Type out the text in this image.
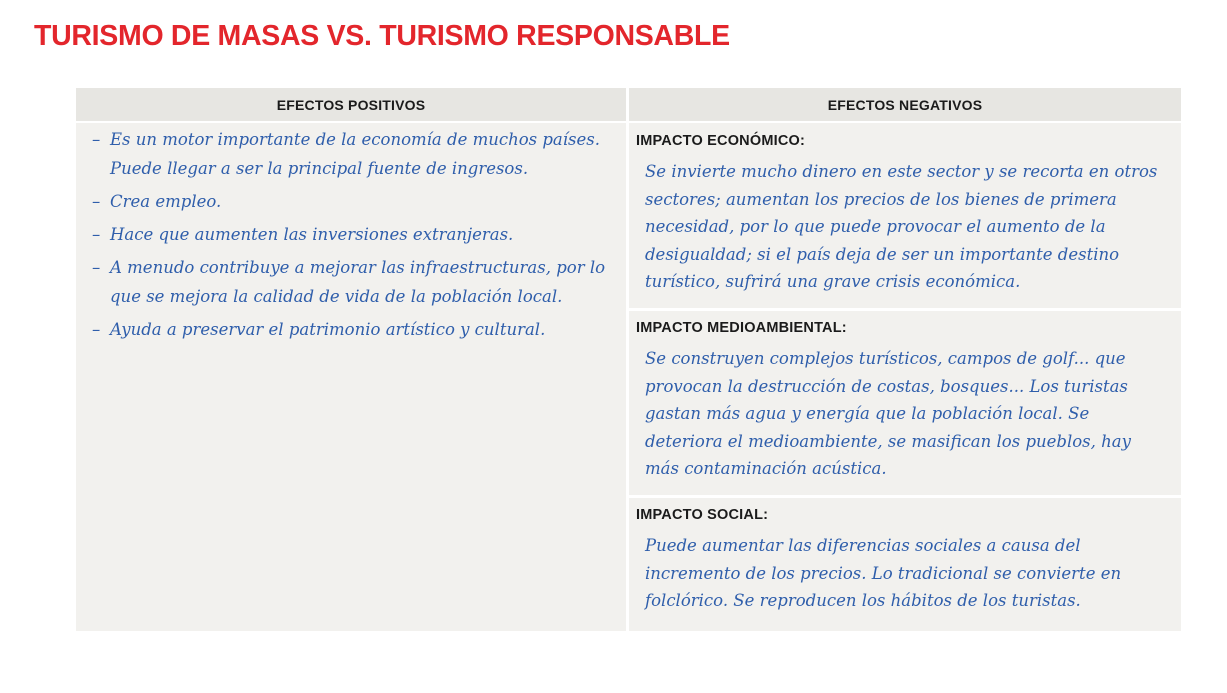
TURISMO DE MASAS VS. TURISMO RESPONSABLE
EFECTOS POSITIVOS	EFECTOS NEGATIVOS
– Es un motor importante de la economía de muchos países. Puede llegar a ser la principal fuente de ingresos.
– Crea empleo.
– Hace que aumenten las inversiones extranjeras.
– A menudo contribuye a mejorar las infraestructuras, por lo que se mejora la calidad de vida de la población local.
– Ayuda a preservar el patrimonio artístico y cultural.
IMPACTO ECONÓMICO:
Se invierte mucho dinero en este sector y se recorta en otros sectores; aumentan los precios de los bienes de primera necesidad, por lo que puede provocar el aumento de la desigualdad; si el país deja de ser un importante destino turístico, sufrirá una grave crisis económica.
IMPACTO MEDIOAMBIENTAL:
Se construyen complejos turísticos, campos de golf... que provocan la destrucción de costas, bosques... Los turistas gastan más agua y energía que la población local. Se deteriora el medioambiente, se masifican los pueblos, hay más contaminación acústica.
IMPACTO SOCIAL:
Puede aumentar las diferencias sociales a causa del incremento de los precios. Lo tradicional se convierte en folclórico. Se reproducen los hábitos de los turistas.
